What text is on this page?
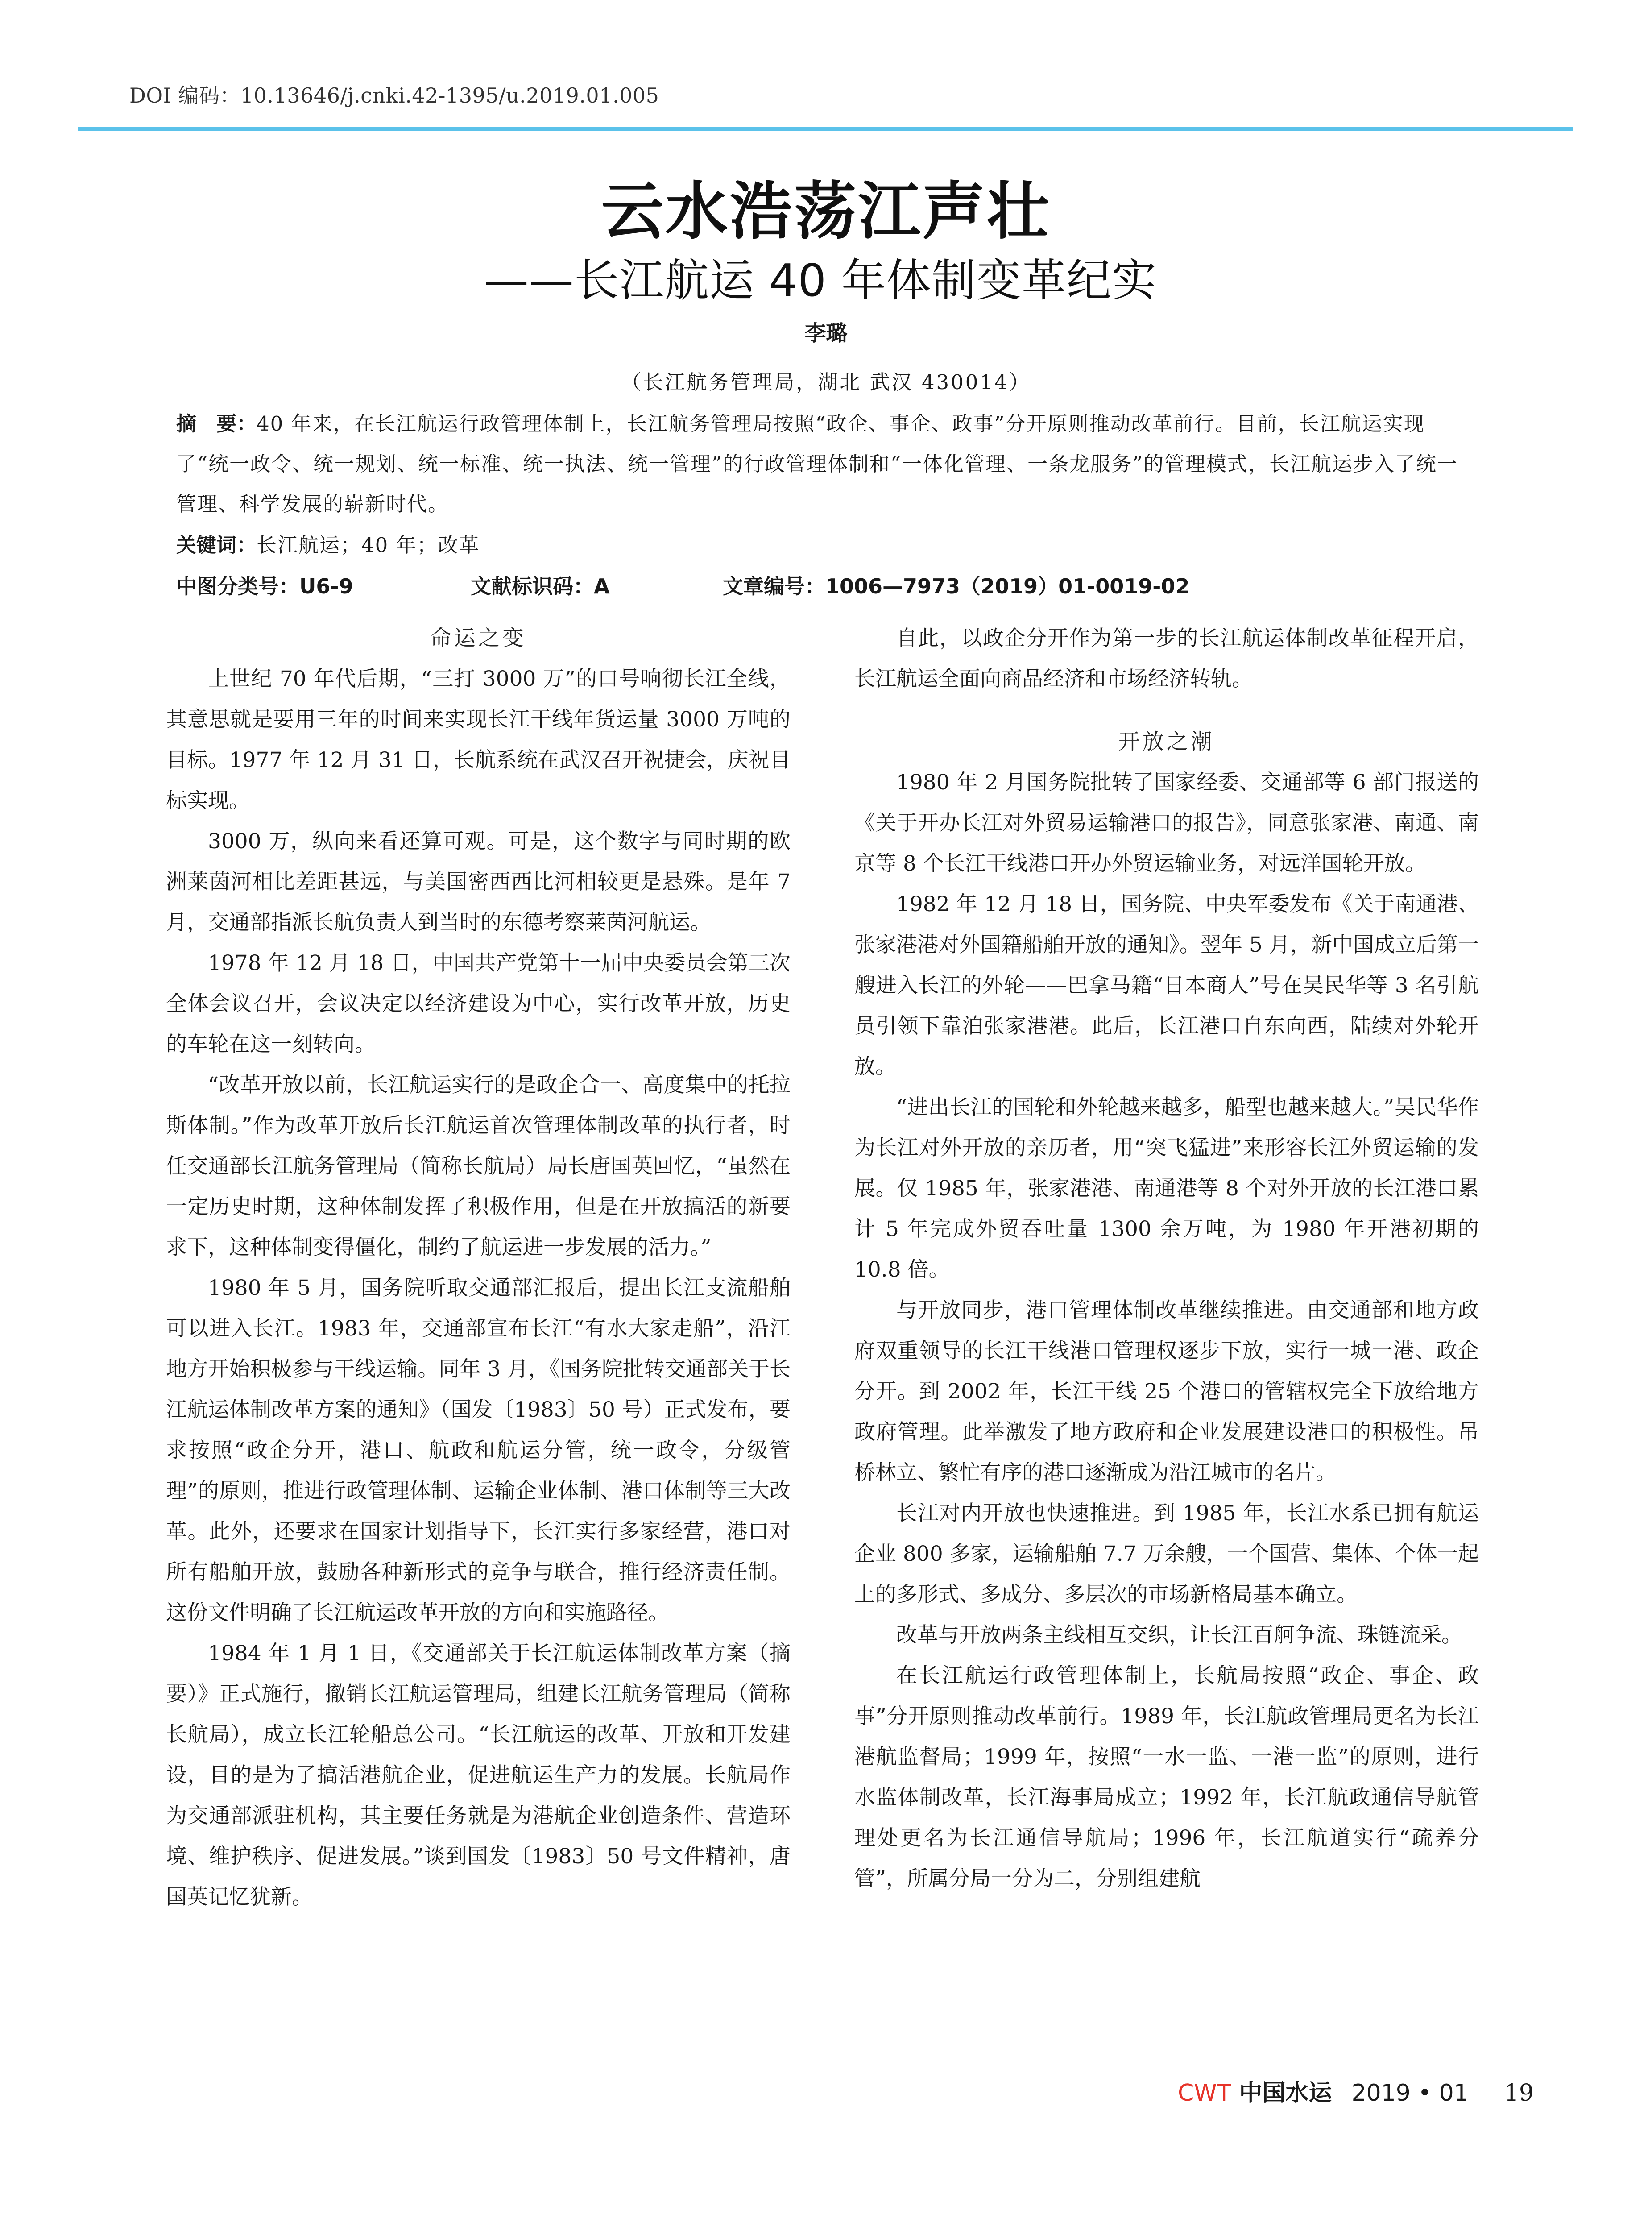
DOI 编码：10.13646/j.cnki.42-1395/u.2019.01.005
云水浩荡江声壮
——长江航运 40 年体制变革纪实
李璐
（长江航务管理局，湖北 武汉 430014）

摘　要：40 年来，在长江航运行政管理体制上，长江航务管理局按照“政企、事企、政事”分开原则推动改革前行。目前，长江航运实现了“统一政令、统一规划、统一标准、统一执法、统一管理”的行政管理体制和“一体化管理、一条龙服务”的管理模式，长江航运步入了统一管理、科学发展的崭新时代。

关键词：长江航运；40 年；改革

中图分类号：U6-9	文献标识码：A	文章编号：1006—7973（2019）01-0019-02

命运之变

上世纪 70 年代后期，“三打 3000 万”的口号响彻长江全线，其意思就是要用三年的时间来实现长江干线年货运量 3000 万吨的目标。1977 年 12 月 31 日，长航系统在武汉召开祝捷会，庆祝目标实现。

3000 万，纵向来看还算可观。可是，这个数字与同时期的欧洲莱茵河相比差距甚远，与美国密西西比河相较更是悬殊。是年 7 月，交通部指派长航负责人到当时的东德考察莱茵河航运。

1978 年 12 月 18 日，中国共产党第十一届中央委员会第三次全体会议召开，会议决定以经济建设为中心，实行改革开放，历史的车轮在这一刻转向。

“改革开放以前，长江航运实行的是政企合一、高度集中的托拉斯体制。”作为改革开放后长江航运首次管理体制改革的执行者，时任交通部长江航务管理局（简称长航局）局长唐国英回忆，“虽然在一定历史时期，这种体制发挥了积极作用，但是在开放搞活的新要求下，这种体制变得僵化，制约了航运进一步发展的活力。”

1980 年 5 月，国务院听取交通部汇报后，提出长江支流船舶可以进入长江。1983 年，交通部宣布长江“有水大家走船”，沿江地方开始积极参与干线运输。同年 3 月，《国务院批转交通部关于长江航运体制改革方案的通知》（国发〔1983〕50 号）正式发布，要求按照“政企分开，港口、航政和航运分管，统一政令，分级管理”的原则，推进行政管理体制、运输企业体制、港口体制等三大改革。此外，还要求在国家计划指导下，长江实行多家经营，港口对所有船舶开放，鼓励各种新形式的竞争与联合，推行经济责任制。这份文件明确了长江航运改革开放的方向和实施路径。

1984 年 1 月 1 日，《交通部关于长江航运体制改革方案（摘要）》正式施行，撤销长江航运管理局，组建长江航务管理局（简称长航局），成立长江轮船总公司。“长江航运的改革、开放和开发建设，目的是为了搞活港航企业，促进航运生产力的发展。长航局作为交通部派驻机构，其主要任务就是为港航企业创造条件、营造环境、维护秩序、促进发展。”谈到国发〔1983〕50 号文件精神，唐国英记忆犹新。

自此，以政企分开作为第一步的长江航运体制改革征程开启，长江航运全面向商品经济和市场经济转轨。

开放之潮

1980 年 2 月国务院批转了国家经委、交通部等 6 部门报送的《关于开办长江对外贸易运输港口的报告》，同意张家港、南通、南京等 8 个长江干线港口开办外贸运输业务，对远洋国轮开放。

1982 年 12 月 18 日，国务院、中央军委发布《关于南通港、张家港港对外国籍船舶开放的通知》。翌年 5 月，新中国成立后第一艘进入长江的外轮——巴拿马籍“日本商人”号在吴民华等 3 名引航员引领下靠泊张家港港。此后，长江港口自东向西，陆续对外轮开放。

“进出长江的国轮和外轮越来越多，船型也越来越大。”吴民华作为长江对外开放的亲历者，用“突飞猛进”来形容长江外贸运输的发展。仅 1985 年，张家港港、南通港等 8 个对外开放的长江港口累计 5 年完成外贸吞吐量 1300 余万吨，为 1980 年开港初期的 10.8 倍。

与开放同步，港口管理体制改革继续推进。由交通部和地方政府双重领导的长江干线港口管理权逐步下放，实行一城一港、政企分开。到 2002 年，长江干线 25 个港口的管辖权完全下放给地方政府管理。此举激发了地方政府和企业发展建设港口的积极性。吊桥林立、繁忙有序的港口逐渐成为沿江城市的名片。

长江对内开放也快速推进。到 1985 年，长江水系已拥有航运企业 800 多家，运输船舶 7.7 万余艘，一个国营、集体、个体一起上的多形式、多成分、多层次的市场新格局基本确立。

改革与开放两条主线相互交织，让长江百舸争流、珠链流采。

在长江航运行政管理体制上，长航局按照“政企、事企、政事”分开原则推动改革前行。1989 年，长江航政管理局更名为长江港航监督局；1999 年，按照“一水一监、一港一监”的原则，进行水监体制改革，长江海事局成立；1992 年，长江航政通信导航管理处更名为长江通信导航局；1996 年，长江航道实行“疏养分管”，所属分局一分为二，分别组建航

CWT 中国水运 2019 • 01 19
